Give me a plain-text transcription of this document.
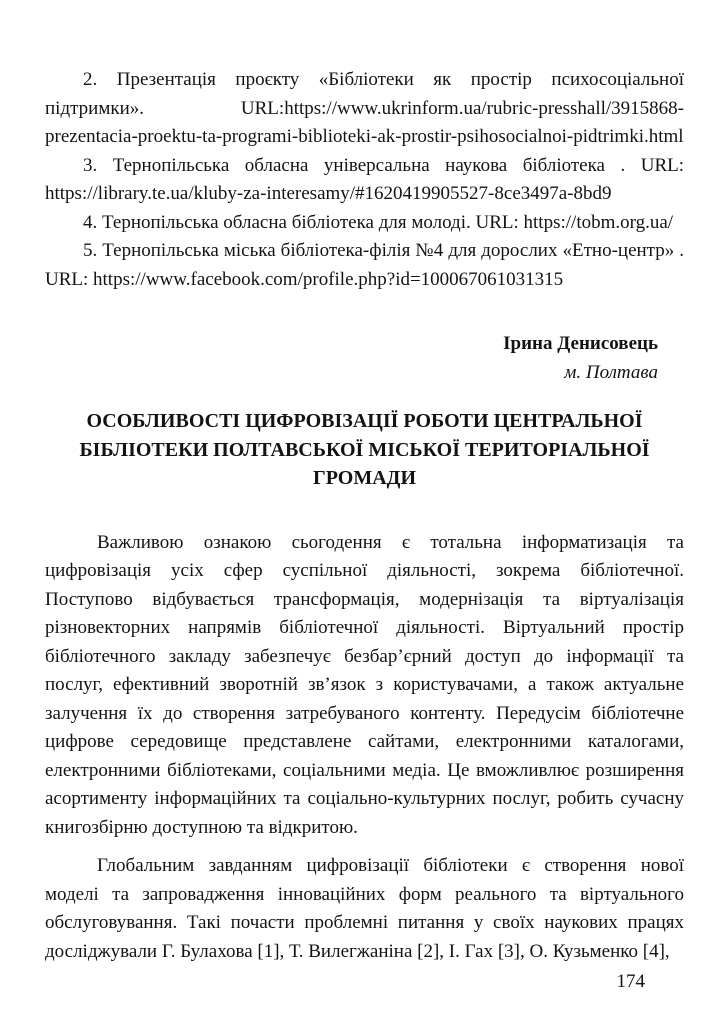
2. Презентація проєкту «Бібліотеки як простір психосоціальної підтримки». URL:https://www.ukrinform.ua/rubric-presshall/3915868-prezentacia-proektu-ta-programi-biblioteki-ak-prostir-psihosocialnoi-pidtrimki.html

3. Тернопільська обласна універсальна наукова бібліотека . URL: https://library.te.ua/kluby-za-interesamy/#1620419905527-8ce3497a-8bd9

4. Тернопільська обласна бібліотека для молоді. URL: https://tobm.org.ua/

5. Тернопільська міська бібліотека-філія №4 для дорослих «Етно-центр» . URL: https://www.facebook.com/profile.php?id=100067061031315

Ірина Денисовець
м. Полтава
ОСОБЛИВОСТІ ЦИФРОВІЗАЦІЇ РОБОТИ ЦЕНТРАЛЬНОЇ
БІБЛІОТЕКИ ПОЛТАВСЬКОЇ МІСЬКОЇ ТЕРИТОРІАЛЬНОЇ ГРОМАДИ

Важливою ознакою сьогодення є тотальна інформатизація та цифровізація усіх сфер суспільної діяльності, зокрема бібліотечної. Поступово відбувається трансформація, модернізація та віртуалізація різновекторних напрямів бібліотечної діяльності. Віртуальний простір бібліотечного закладу забезпечує безбар’єрний доступ до інформації та послуг, ефективний зворотній зв’язок з користувачами, а також актуальне залучення їх до створення затребуваного контенту. Передусім бібліотечне цифрове середовище представлене сайтами, електронними каталогами, електронними бібліотеками, соціальними медіа. Це вможливлює розширення асортименту інформаційних та соціально-культурних послуг, робить сучасну книгозбірню доступною та відкритою.

Глобальним завданням цифровізації бібліотеки є створення нової моделі та запровадження інноваційних форм реального та віртуального обслуговування. Такі почасти проблемні питання у своїх наукових працях досліджували Г. Булахова [1], Т. Вилегжаніна [2], І. Гах [3], О. Кузьменко [4],

174
